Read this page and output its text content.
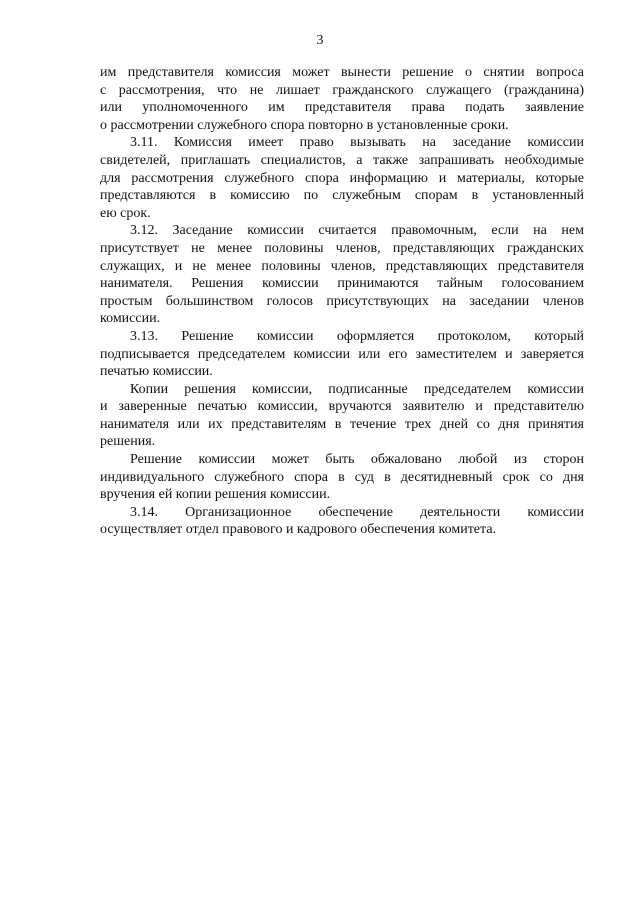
3

им представителя комиссия может вынести решение о снятии вопроса
с рассмотрения, что не лишает гражданского служащего (гражданина)
или уполномоченного им представителя права подать заявление
о рассмотрении служебного спора повторно в установленные сроки.

3.11. Комиссия имеет право вызывать на заседание комиссии
свидетелей, приглашать специалистов, а также запрашивать необходимые
для рассмотрения служебного спора информацию и материалы, которые
представляются в комиссию по служебным спорам в установленный
ею срок.

3.12. Заседание комиссии считается правомочным, если на нем
присутствует не менее половины членов, представляющих гражданских
служащих, и не менее половины членов, представляющих представителя
нанимателя. Решения комиссии принимаются тайным голосованием
простым большинством голосов присутствующих на заседании членов
комиссии.

3.13. Решение комиссии оформляется протоколом, который
подписывается председателем комиссии или его заместителем и заверяется
печатью комиссии.

Копии решения комиссии, подписанные председателем комиссии
и заверенные печатью комиссии, вручаются заявителю и представителю
нанимателя или их представителям в течение трех дней со дня принятия
решения.

Решение комиссии может быть обжаловано любой из сторон
индивидуального служебного спора в суд в десятидневный срок со дня
вручения ей копии решения комиссии.

3.14. Организационное обеспечение деятельности комиссии
осуществляет отдел правового и кадрового обеспечения комитета.
